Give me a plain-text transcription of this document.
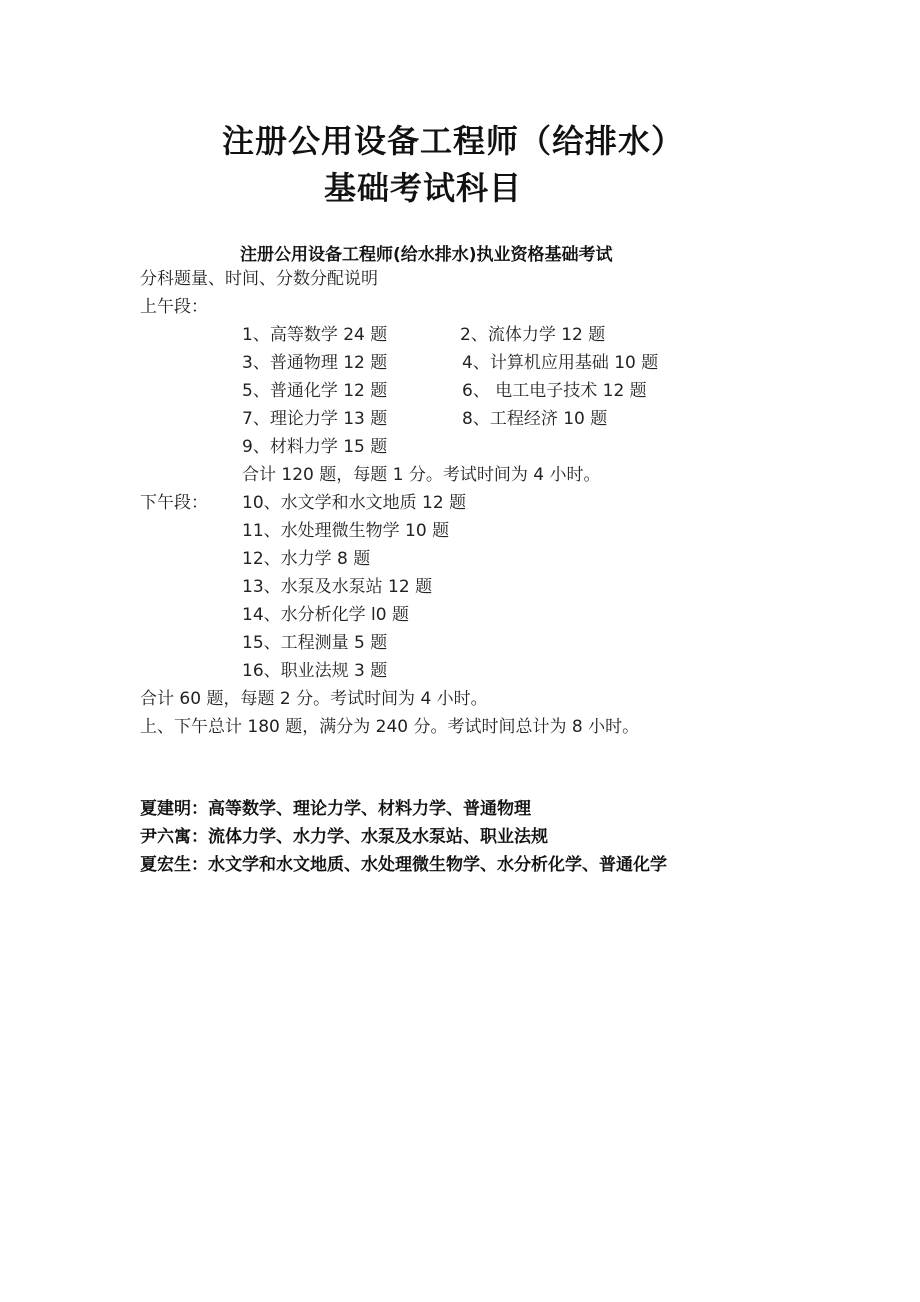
注册公用设备工程师（给排水）
基础考试科目
注册公用设备工程师(给水排水)执业资格基础考试
分科题量、时间、分数分配说明
上午段：
1、高等数学 24 题	2、流体力学 12 题
3、普通物理 12 题	4、计算机应用基础 10 题
5、普通化学 12 题	6、 电工电子技术 12 题
7、理论力学 13 题	8、工程经济 10 题
9、材料力学 15 题
合计 120 题，每题 1 分。考试时间为 4 小时。
下午段： 10、水文学和水文地质 12 题
11、水处理微生物学 10 题
12、水力学 8 题
13、水泵及水泵站 12 题
14、水分析化学 l0 题
15、工程测量 5 题
16、职业法规 3 题
合计 60 题，每题 2 分。考试时间为 4 小时。
上、下午总计 180 题，满分为 240 分。考试时间总计为 8 小时。
夏建明：高等数学、理论力学、材料力学、普通物理
尹六寓：流体力学、水力学、水泵及水泵站、职业法规
夏宏生：水文学和水文地质、水处理微生物学、水分析化学、普通化学
